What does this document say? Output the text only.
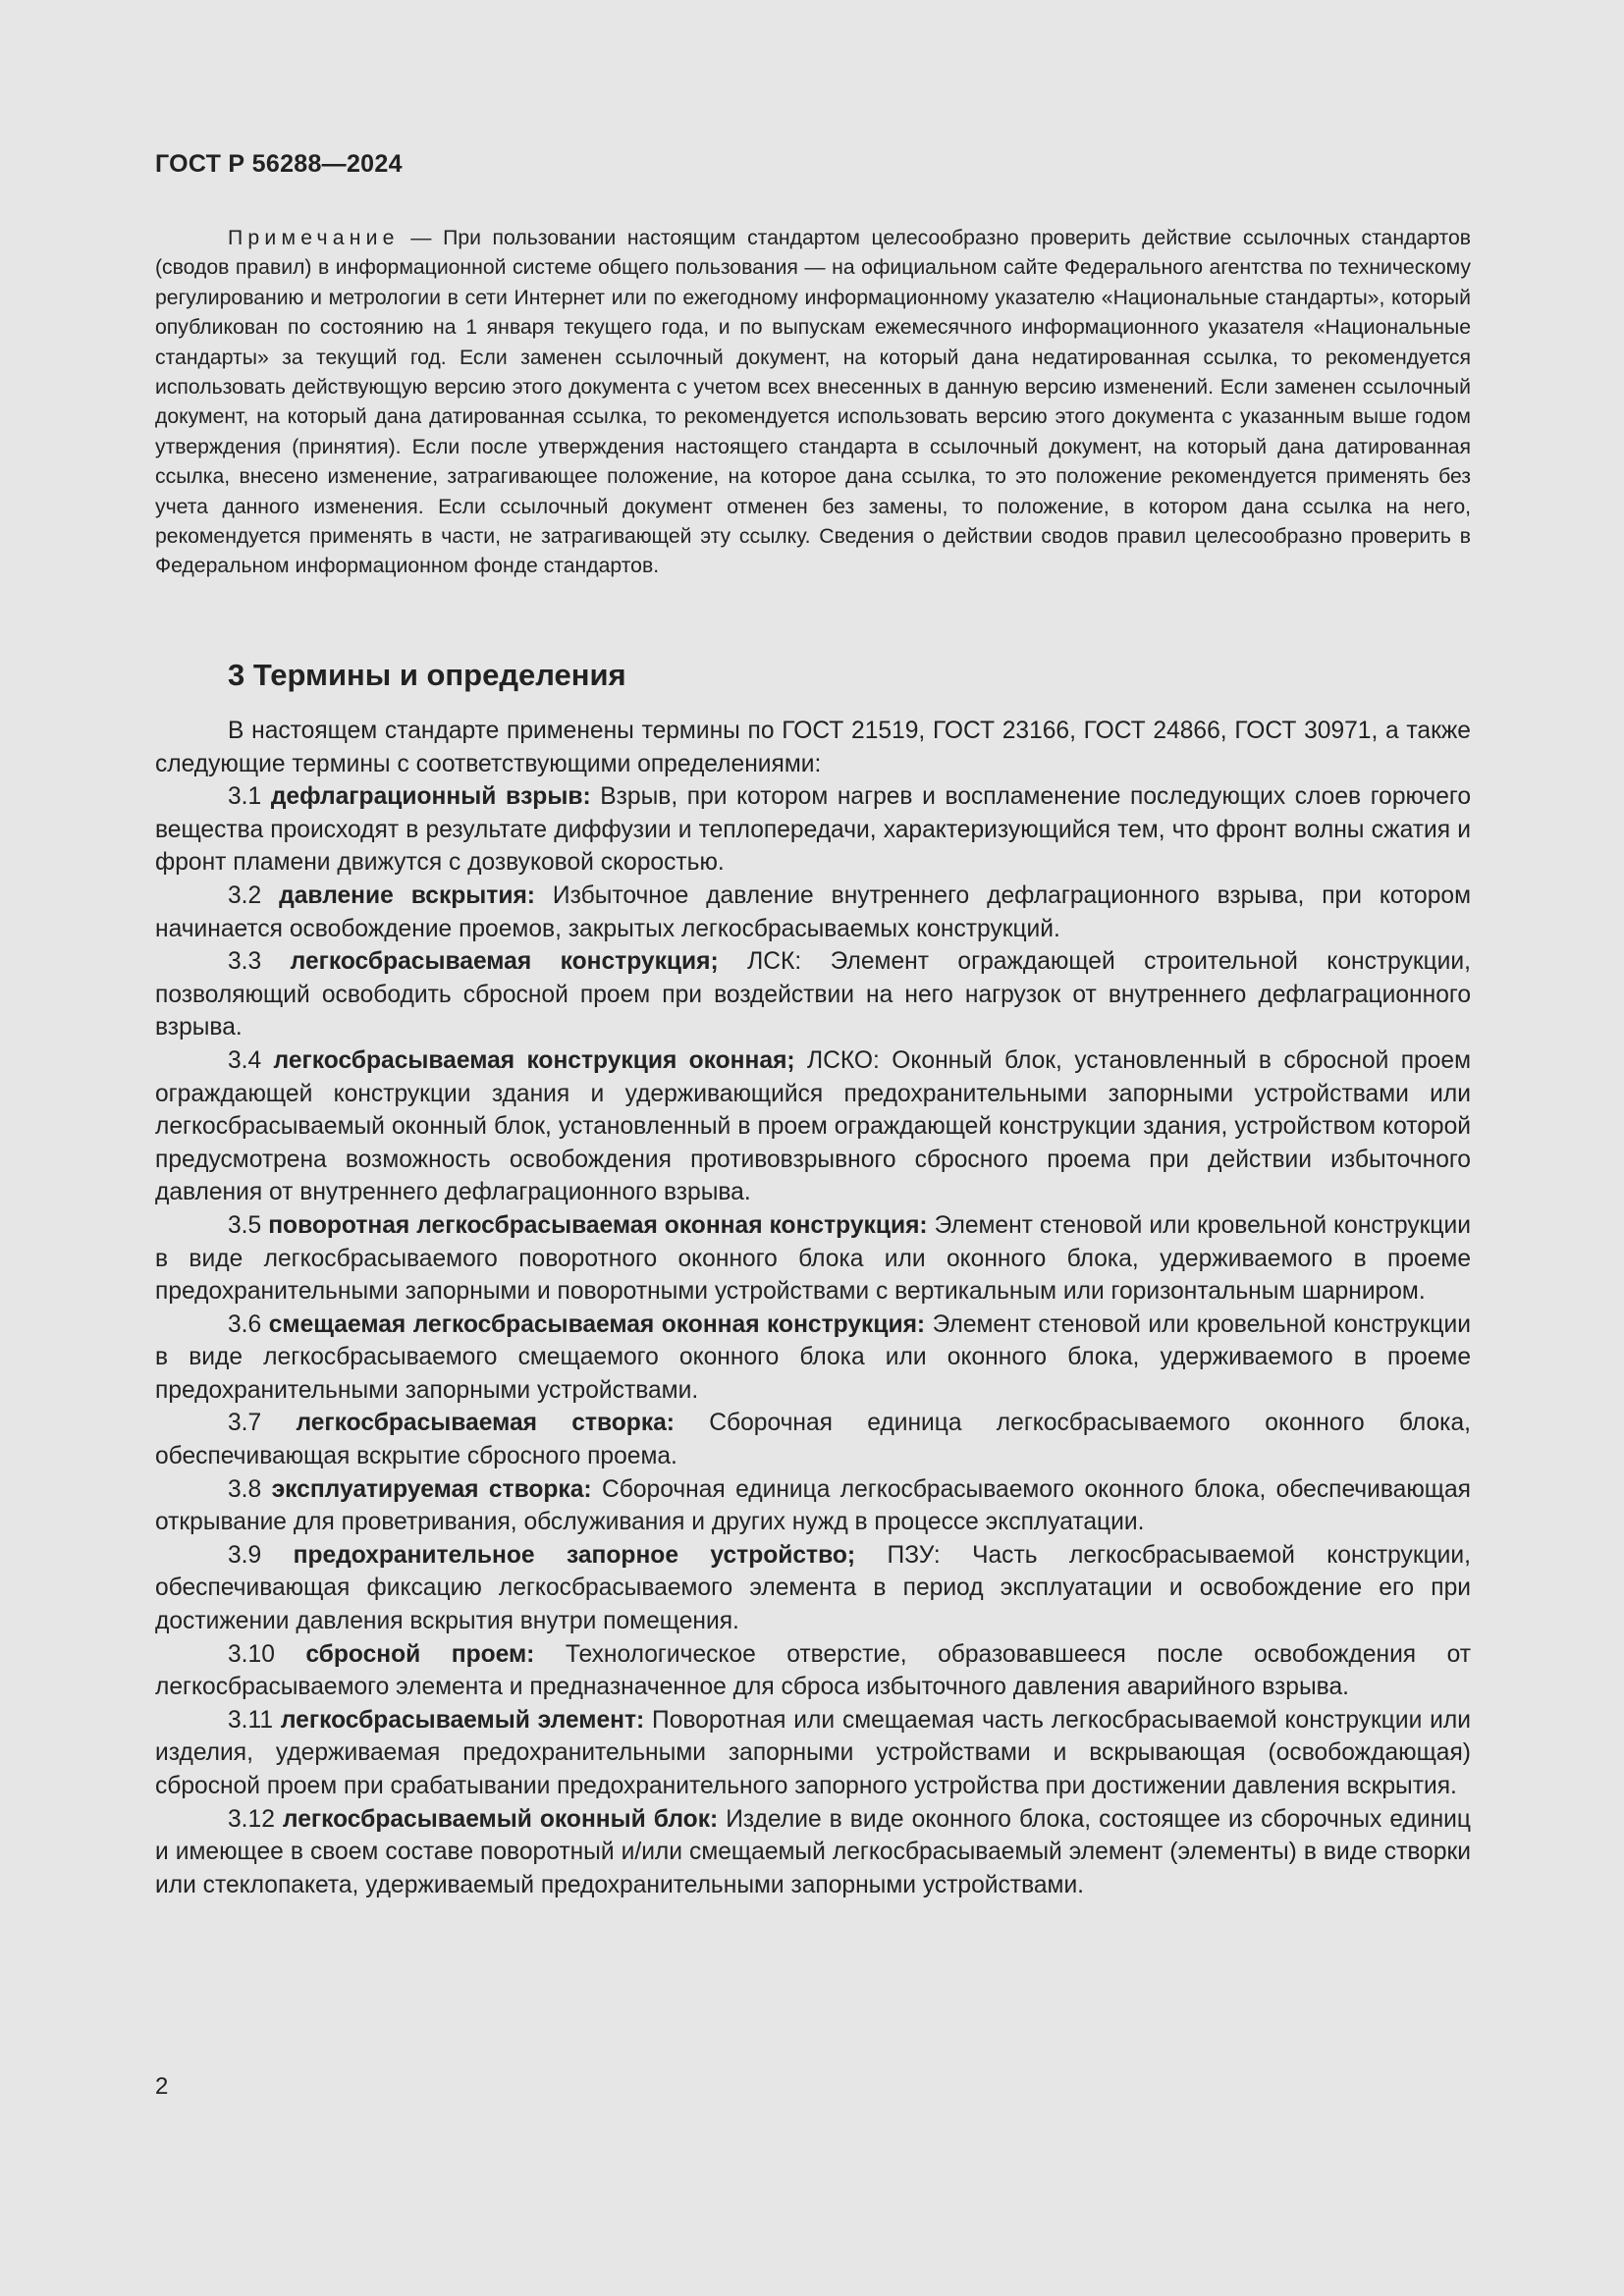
ГОСТ Р 56288—2024

Примечание — При пользовании настоящим стандартом целесообразно проверить действие ссылочных стандартов (сводов правил) в информационной системе общего пользования — на официальном сайте Федерального агентства по техническому регулированию и метрологии в сети Интернет или по ежегодному информационному указателю «Национальные стандарты», который опубликован по состоянию на 1 января текущего года, и по выпускам ежемесячного информационного указателя «Национальные стандарты» за текущий год. Если заменен ссылочный документ, на который дана недатированная ссылка, то рекомендуется использовать действующую версию этого документа с учетом всех внесенных в данную версию изменений. Если заменен ссылочный документ, на который дана датированная ссылка, то рекомендуется использовать версию этого документа с указанным выше годом утверждения (принятия). Если после утверждения настоящего стандарта в ссылочный документ, на который дана датированная ссылка, внесено изменение, затрагивающее положение, на которое дана ссылка, то это положение рекомендуется применять без учета данного изменения. Если ссылочный документ отменен без замены, то положение, в котором дана ссылка на него, рекомендуется применять в части, не затрагивающей эту ссылку. Сведения о действии сводов правил целесообразно проверить в Федеральном информационном фонде стандартов.

3 Термины и определения

В настоящем стандарте применены термины по ГОСТ 21519, ГОСТ 23166, ГОСТ 24866, ГОСТ 30971, а также следующие термины с соответствующими определениями:

3.1 дефлаграционный взрыв: Взрыв, при котором нагрев и воспламенение последующих слоев горючего вещества происходят в результате диффузии и теплопередачи, характеризующийся тем, что фронт волны сжатия и фронт пламени движутся с дозвуковой скоростью.

3.2 давление вскрытия: Избыточное давление внутреннего дефлаграционного взрыва, при котором начинается освобождение проемов, закрытых легкосбрасываемых конструкций.

3.3 легкосбрасываемая конструкция; ЛСК: Элемент ограждающей строительной конструкции, позволяющий освободить сбросной проем при воздействии на него нагрузок от внутреннего дефлаграционного взрыва.

3.4 легкосбрасываемая конструкция оконная; ЛСКО: Оконный блок, установленный в сбросной проем ограждающей конструкции здания и удерживающийся предохранительными запорными устройствами или легкосбрасываемый оконный блок, установленный в проем ограждающей конструкции здания, устройством которой предусмотрена возможность освобождения противовзрывного сбросного проема при действии избыточного давления от внутреннего дефлаграционного взрыва.

3.5 поворотная легкосбрасываемая оконная конструкция: Элемент стеновой или кровельной конструкции в виде легкосбрасываемого поворотного оконного блока или оконного блока, удерживаемого в проеме предохранительными запорными и поворотными устройствами с вертикальным или горизонтальным шарниром.

3.6 смещаемая легкосбрасываемая оконная конструкция: Элемент стеновой или кровельной конструкции в виде легкосбрасываемого смещаемого оконного блока или оконного блока, удерживаемого в проеме предохранительными запорными устройствами.

3.7 легкосбрасываемая створка: Сборочная единица легкосбрасываемого оконного блока, обеспечивающая вскрытие сбросного проема.

3.8 эксплуатируемая створка: Сборочная единица легкосбрасываемого оконного блока, обеспечивающая открывание для проветривания, обслуживания и других нужд в процессе эксплуатации.

3.9 предохранительное запорное устройство; ПЗУ: Часть легкосбрасываемой конструкции, обеспечивающая фиксацию легкосбрасываемого элемента в период эксплуатации и освобождение его при достижении давления вскрытия внутри помещения.

3.10 сбросной проем: Технологическое отверстие, образовавшееся после освобождения от легкосбрасываемого элемента и предназначенное для сброса избыточного давления аварийного взрыва.

3.11 легкосбрасываемый элемент: Поворотная или смещаемая часть легкосбрасываемой конструкции или изделия, удерживаемая предохранительными запорными устройствами и вскрывающая (освобождающая) сбросной проем при срабатывании предохранительного запорного устройства при достижении давления вскрытия.

3.12 легкосбрасываемый оконный блок: Изделие в виде оконного блока, состоящее из сборочных единиц и имеющее в своем составе поворотный и/или смещаемый легкосбрасываемый элемент (элементы) в виде створки или стеклопакета, удерживаемый предохранительными запорными устройствами.

2
